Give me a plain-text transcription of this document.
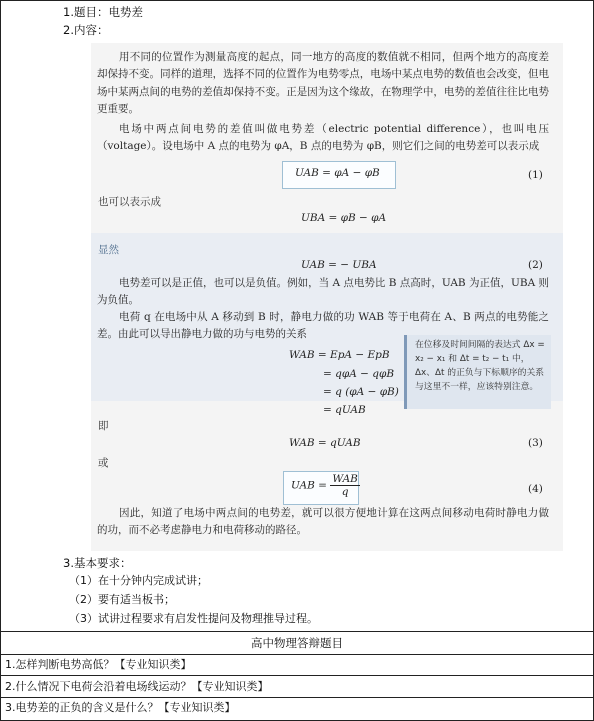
1.题目：电势差
2.内容：
用不同的位置作为测量高度的起点，同一地方的高度的数值就不相同，但两个地方的高度差却保持不变。同样的道理，选择不同的位置作为电势零点，电场中某点电势的数值也会改变，但电场中某两点间的电势的差值却保持不变。正是因为这个缘故，在物理学中，电势的差值往往比电势更重要。
电场中两点间电势的差值叫做电势差（electric potential difference），也叫电压（voltage）。设电场中 A 点的电势为 φA，B 点的电势为 φB，则它们之间的电势差可以表示成
UAB = φA − φB	(1)
也可以表示成
UBA = φB − φA
显然
UAB = − UBA	(2)
电势差可以是正值，也可以是负值。例如，当 A 点电势比 B 点高时，UAB 为正值，UBA 则为负值。
电荷 q 在电场中从 A 移动到 B 时，静电力做的功 WAB 等于电荷在 A、B 两点的电势能之差。由此可以导出静电力做的功与电势的关系
WAB = EpA − EpB
= qφA − qφB
= q (φA − φB)
= qUAB
在位移及时间间隔的表达式 Δx = x₂ − x₁ 和 Δt = t₂ − t₁ 中，Δx、Δt 的正负与下标顺序的关系与这里不一样，应该特别注意。
即
WAB = qUAB	(3)
或
UAB = $\frac{\text{WAB}}{q}$	(4)
因此，知道了电场中两点间的电势差，就可以很方便地计算在这两点间移动电荷时静电力做的功，而不必考虑静电力和电荷移动的路径。
3.基本要求：
（1）在十分钟内完成试讲；
（2）要有适当板书；
（3）试讲过程要求有启发性提问及物理推导过程。
高中物理答辩题目
1.怎样判断电势高低？【专业知识类】
2.什么情况下电荷会沿着电场线运动？【专业知识类】
3.电势差的正负的含义是什么？【专业知识类】
